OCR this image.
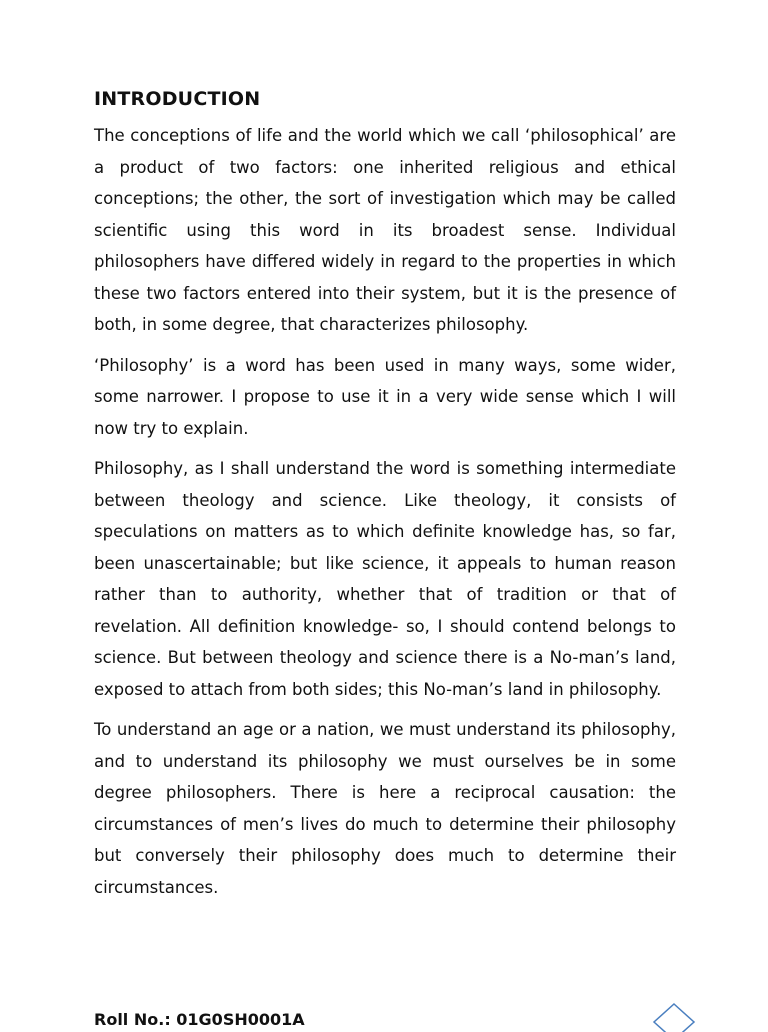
INTRODUCTION

The conceptions of life and the world which we call ‘philosophical’ are a product of two factors: one inherited religious and ethical conceptions; the other, the sort of investigation which may be called scientific using this word in its broadest sense. Individual philosophers have differed widely in regard to the properties in which these two factors entered into their system, but it is the presence of both, in some degree, that characterizes philosophy.

‘Philosophy’ is a word has been used in many ways, some wider, some narrower. I propose to use it in a very wide sense which I will now try to explain.

Philosophy, as I shall understand the word is something intermediate between theology and science. Like theology, it consists of speculations on matters as to which definite knowledge has, so far, been unascertainable; but like science, it appeals to human reason rather than to authority, whether that of tradition or that of revelation. All definition knowledge- so, I should contend belongs to science. But between theology and science there is a No-man’s land, exposed to attach from both sides; this No-man’s land in philosophy.

To understand an age or a nation, we must understand its philosophy, and to understand its philosophy we must ourselves be in some degree philosophers. There is here a reciprocal causation: the circumstances of men’s lives do much to determine their philosophy but conversely their philosophy does much to determine their circumstances.

Roll No.: 01G0SH0001A
